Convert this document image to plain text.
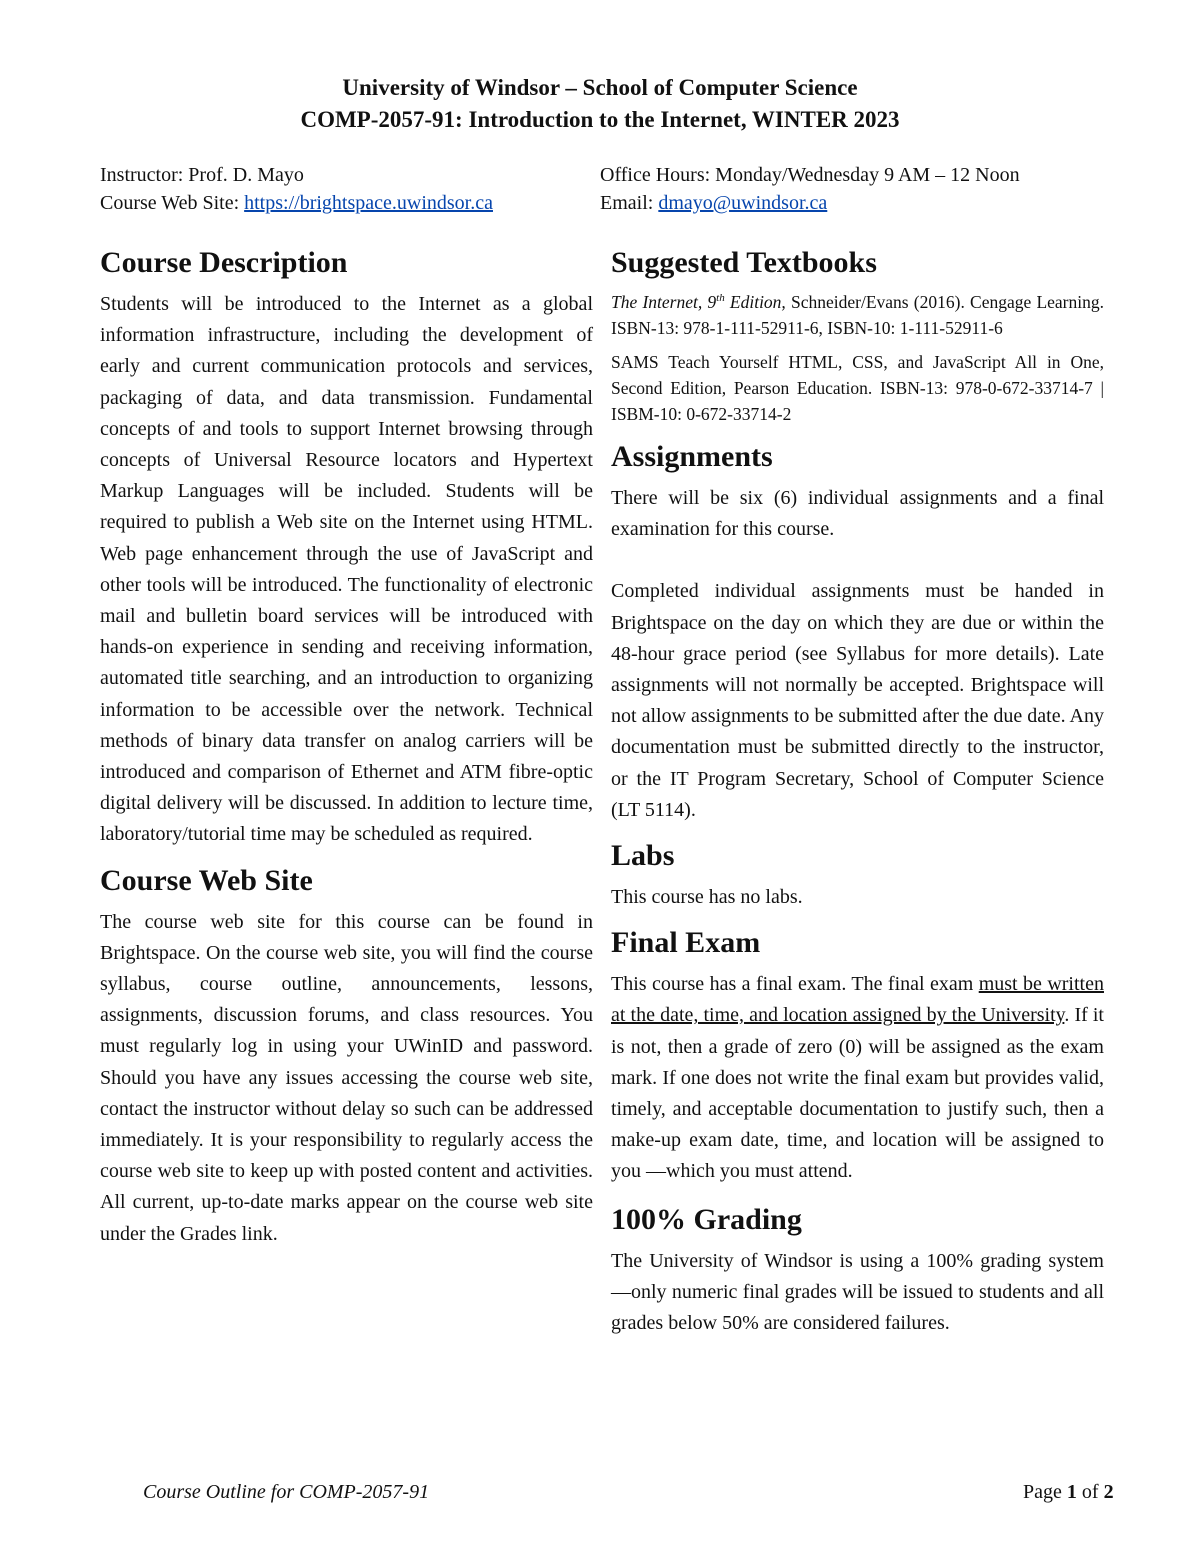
University of Windsor – School of Computer Science
COMP-2057-91: Introduction to the Internet, WINTER 2023
Instructor: Prof. D. Mayo
Course Web Site: https://brightspace.uwindsor.ca
Office Hours: Monday/Wednesday 9 AM – 12 Noon
Email: dmayo@uwindsor.ca
Course Description

Students will be introduced to the Internet as a global information infrastructure, including the development of early and current communication protocols and services, packaging of data, and data transmission. Fundamental concepts of and tools to support Internet browsing through concepts of Universal Resource locators and Hypertext Markup Languages will be included. Students will be required to publish a Web site on the Internet using HTML. Web page enhancement through the use of JavaScript and other tools will be introduced. The functionality of electronic mail and bulletin board services will be introduced with hands-on experience in sending and receiving information, automated title searching, and an introduction to organizing information to be accessible over the network. Technical methods of binary data transfer on analog carriers will be introduced and comparison of Ethernet and ATM fibre-optic digital delivery will be discussed. In addition to lecture time, laboratory/tutorial time may be scheduled as required.

Course Web Site

The course web site for this course can be found in Brightspace. On the course web site, you will find the course syllabus, course outline, announcements, lessons, assignments, discussion forums, and class resources. You must regularly log in using your UWinID and password. Should you have any issues accessing the course web site, contact the instructor without delay so such can be addressed immediately. It is your responsibility to regularly access the course web site to keep up with posted content and activities. All current, up-to-date marks appear on the course web site under the Grades link.

Suggested Textbooks

The Internet, 9th Edition, Schneider/Evans (2016). Cengage Learning. ISBN-13: 978-1-111-52911-6, ISBN-10: 1-111-52911-6

SAMS Teach Yourself HTML, CSS, and JavaScript All in One, Second Edition, Pearson Education. ISBN-13: 978-0-672-33714-7 | ISBM-10: 0-672-33714-2

Assignments

There will be six (6) individual assignments and a final examination for this course.

Completed individual assignments must be handed in Brightspace on the day on which they are due or within the 48-hour grace period (see Syllabus for more details). Late assignments will not normally be accepted. Brightspace will not allow assignments to be submitted after the due date. Any documentation must be submitted directly to the instructor, or the IT Program Secretary, School of Computer Science (LT 5114).

Labs

This course has no labs.

Final Exam

This course has a final exam. The final exam must be written at the date, time, and location assigned by the University. If it is not, then a grade of zero (0) will be assigned as the exam mark. If one does not write the final exam but provides valid, timely, and acceptable documentation to justify such, then a make-up exam date, time, and location will be assigned to you —which you must attend.

100% Grading

The University of Windsor is using a 100% grading system —only numeric final grades will be issued to students and all grades below 50% are considered failures.

Course Outline for COMP-2057-91	Page 1 of 2
